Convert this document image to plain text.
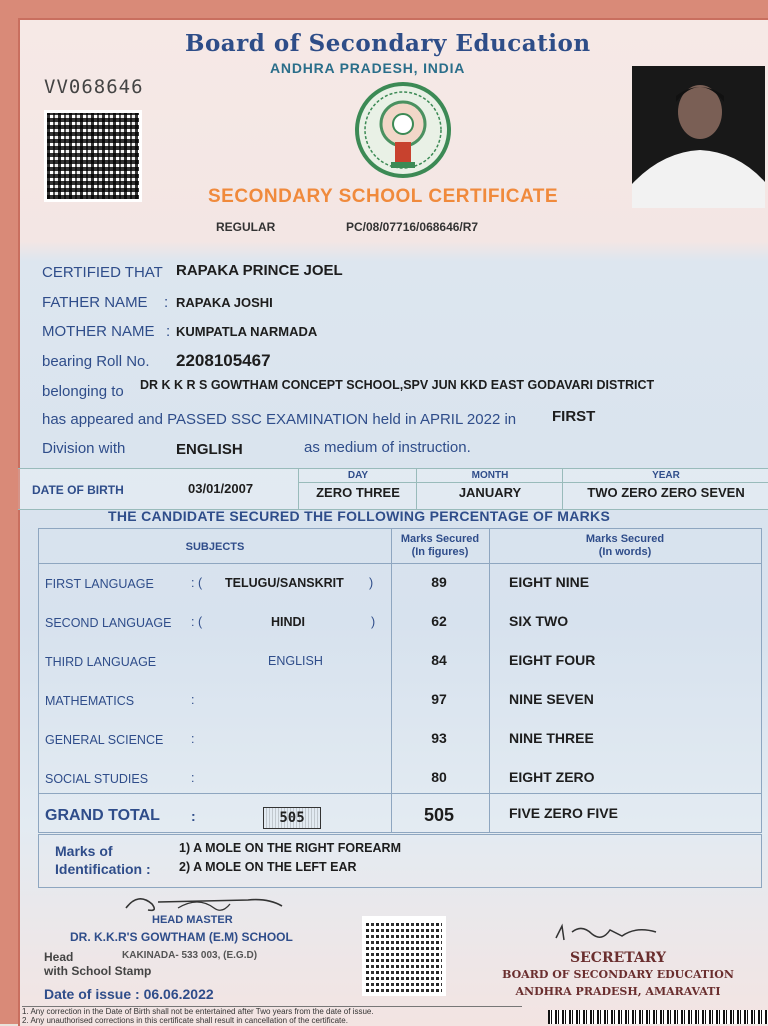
Board of Secondary Education
ANDHRA PRADESH, INDIA
VV068646
SECONDARY SCHOOL CERTIFICATE
REGULAR	PC/08/07716/068646/R7
CERTIFIED THAT RAPAKA PRINCE JOEL
FATHER NAME : RAPAKA JOSHI
MOTHER NAME : KUMPATLA NARMADA
bearing Roll No. 2208105467
belonging to DR K K R S GOWTHAM CONCEPT SCHOOL,SPV JUN KKD EAST GODAVARI DISTRICT
has appeared and PASSED SSC EXAMINATION held in APRIL 2022 in FIRST
Division with	ENGLISH	as medium of instruction.
DATE OF BIRTH	03/01/2007
DAY
ZERO THREE
MONTH
JANUARY
YEAR
TWO ZERO ZERO SEVEN
THE CANDIDATE SECURED THE FOLLOWING PERCENTAGE OF MARKS
SUBJECTS
Marks Secured
(In figures)
Marks Secured
(In words)
FIRST LANGUAGE	: ( TELUGU/SANSKRIT )	89	EIGHT NINE
SECOND LANGUAGE : (	HINDI	)	62	SIX TWO
THIRD LANGUAGE	ENGLISH	84	EIGHT FOUR
MATHEMATICS	:	97	NINE SEVEN
GENERAL SCIENCE :	93	NINE THREE
SOCIAL STUDIES	:	80	EIGHT ZERO
GRAND TOTAL :	505	505	FIVE ZERO FIVE
Marks of
Identification :
1) A MOLE ON THE RIGHT FOREARM
2) A MOLE ON THE LEFT EAR
HEAD MASTER
DR. K.K.R'S GOWTHAM (E.M) SCHOOL
Head	KAKINADA- 533 003, (E.G.D)
with School Stamp
Date of issue : 06.06.2022
SECRETARY
BOARD OF SECONDARY EDUCATION
ANDHRA PRADESH, AMARAVATI
1. Any correction in the Date of Birth shall not be entertained after Two years from the date of issue.
2. Any unauthorised corrections in this certificate shall result in cancellation of the certificate.
